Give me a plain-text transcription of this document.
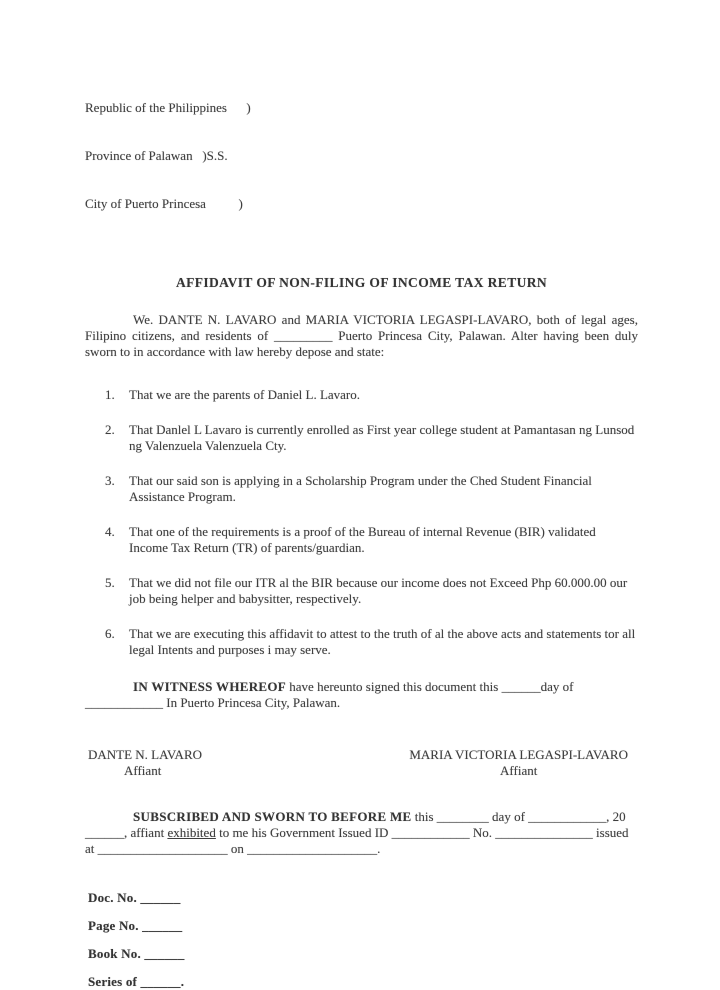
Republic of the Philippines      )

Province of Palawan   )S.S.

City of Puerto Princesa          )

AFFIDAVIT OF NON-FILING OF INCOME TAX RETURN

We. DANTE N. LAVARO and MARIA VICTORIA LEGASPI-LAVARO, both of legal ages, Filipino citizens, and residents of _________ Puerto Princesa City, Palawan. Alter having been duly sworn to in accordance with law hereby depose and state:

1.	That we are the parents of Daniel L. Lavaro.
2.	That Danlel L Lavaro is currently enrolled as First year college student at Pamantasan ng Lunsod ng Valenzuela Valenzuela Cty.
3.	That our said son is applying in a Scholarship Program under the Ched Student Financial Assistance Program.
4.	That one of the requirements is a proof of the Bureau of internal Revenue (BIR) validated Income Tax Return (TR) of parents/guardian.
5.	That we did not file our ITR al the BIR because our income does not Exceed Php 60.000.00 our job being helper and babysitter, respectively.
6.	That we are executing this affidavit to attest to the truth of al the above acts and statements tor all legal Intents and purposes i may serve.

IN WITNESS WHEREOF have hereunto signed this document this ______day of ____________ In Puerto Princesa City, Palawan.

DANTE N. LAVARO
Affiant
MARIA VICTORIA LEGASPI-LAVARO
Affiant

SUBSCRIBED AND SWORN TO BEFORE ME this ________ day of ____________, 20 ______, affiant exhibited to me his Government Issued ID ____________ No. _______________ issued at ____________________ on ____________________.

Doc. No. ______
Page No. ______
Book No. ______
Series of ______.
